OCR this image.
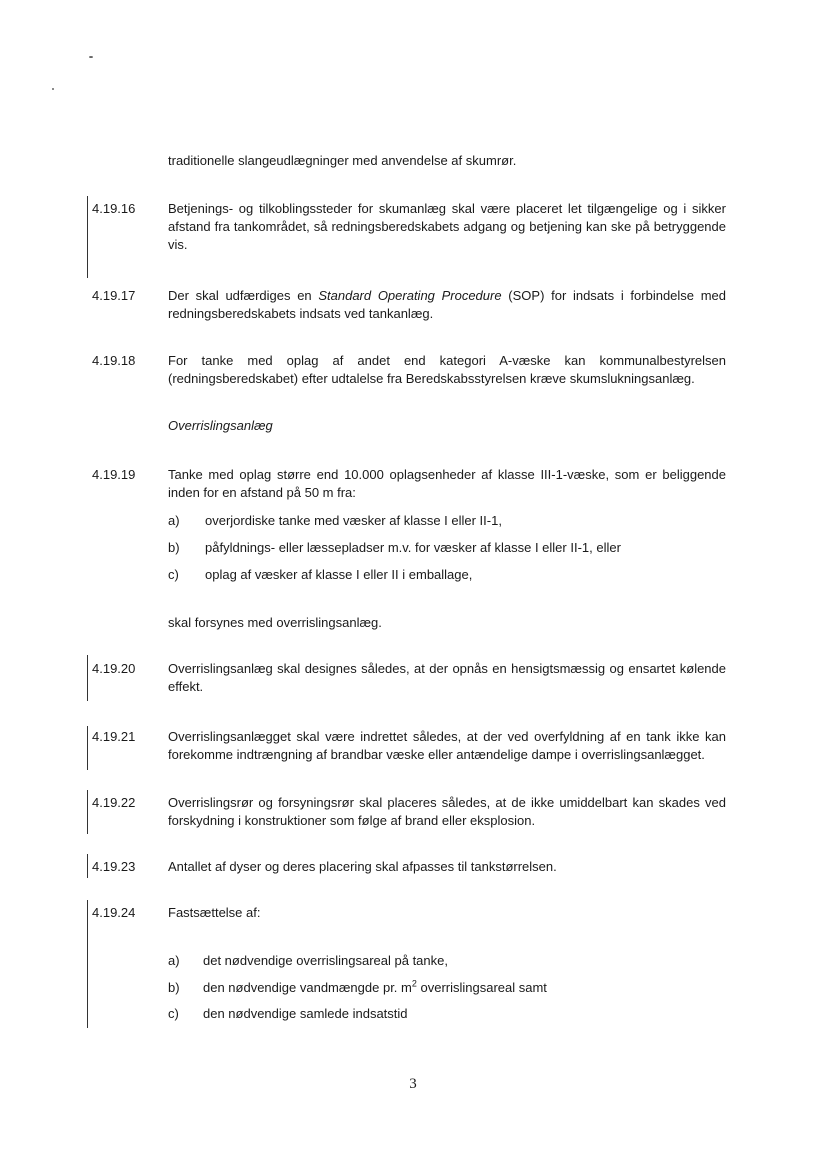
traditionelle slangeudlægninger med anvendelse af skumrør.
4.19.16	Betjenings- og tilkoblingssteder for skumanlæg skal være placeret let tilgængelige og i sikker afstand fra tankområdet, så redningsberedskabets adgang og betjening kan ske på betryggende vis.
4.19.17	Der skal udfærdiges en Standard Operating Procedure (SOP) for indsats i forbindelse med redningsberedskabets indsats ved tankanlæg.
4.19.18	For tanke med oplag af andet end kategori A-væske kan kommunalbestyrelsen (redningsberedskabet) efter udtalelse fra Beredskabsstyrelsen kræve skumslukningsanlæg.
Overrislingsanlæg
4.19.19	Tanke med oplag større end 10.000 oplagsenheder af klasse III-1-væske, som er beliggende inden for en afstand på 50 m fra:
a) overjordiske tanke med væsker af klasse I eller II-1,
b) påfyldnings- eller læssepladser m.v. for væsker af klasse I eller II-1, eller
c) oplag af væsker af klasse I eller II i emballage,
skal forsynes med overrislingsanlæg.
4.19.20	Overrislingsanlæg skal designes således, at der opnås en hensigtsmæssig og ensartet kølende effekt.
4.19.21	Overrislingsanlægget skal være indrettet således, at der ved overfyldning af en tank ikke kan forekomme indtrængning af brandbar væske eller antændelige dampe i overrislingsanlægget.
4.19.22	Overrislingsrør og forsyningsrør skal placeres således, at de ikke umiddelbart kan skades ved forskydning i konstruktioner som følge af brand eller eksplosion.
4.19.23	Antallet af dyser og deres placering skal afpasses til tankstørrelsen.
4.19.24	Fastsættelse af:
a) det nødvendige overrislingsareal på tanke,
b) den nødvendige vandmængde pr. $m^2$ overrislingsareal samt
c) den nødvendige samlede indsatstid
3
